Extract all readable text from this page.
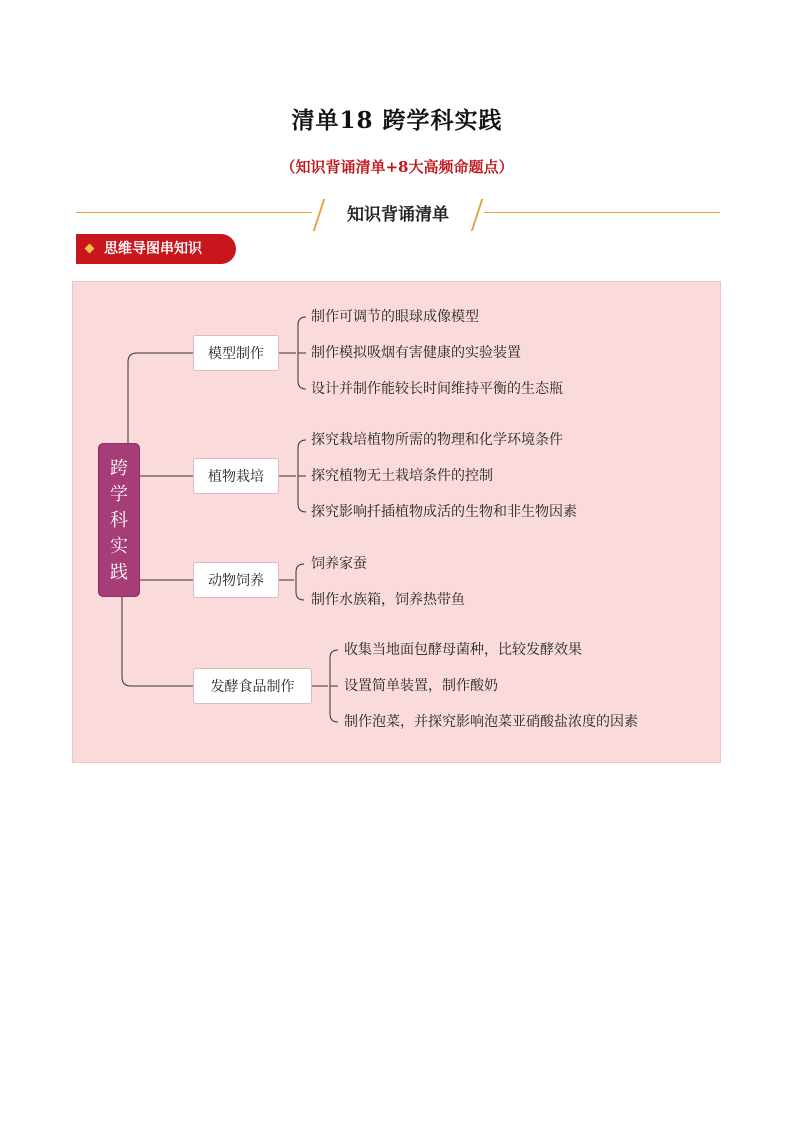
清单18 跨学科实践
（知识背诵清单+8大高频命题点）
知识背诵清单
思维导图串知识
跨
学
科
实
践
模型制作
制作可调节的眼球成像模型
制作模拟吸烟有害健康的实验装置
设计并制作能较长时间维持平衡的生态瓶
植物栽培
探究栽培植物所需的物理和化学环境条件
探究植物无土栽培条件的控制
探究影响扦插植物成活的生物和非生物因素
动物饲养
饲养家蚕
制作水族箱，饲养热带鱼
发酵食品制作
收集当地面包酵母菌种，比较发酵效果
设置简单装置，制作酸奶
制作泡菜，并探究影响泡菜亚硝酸盐浓度的因素
